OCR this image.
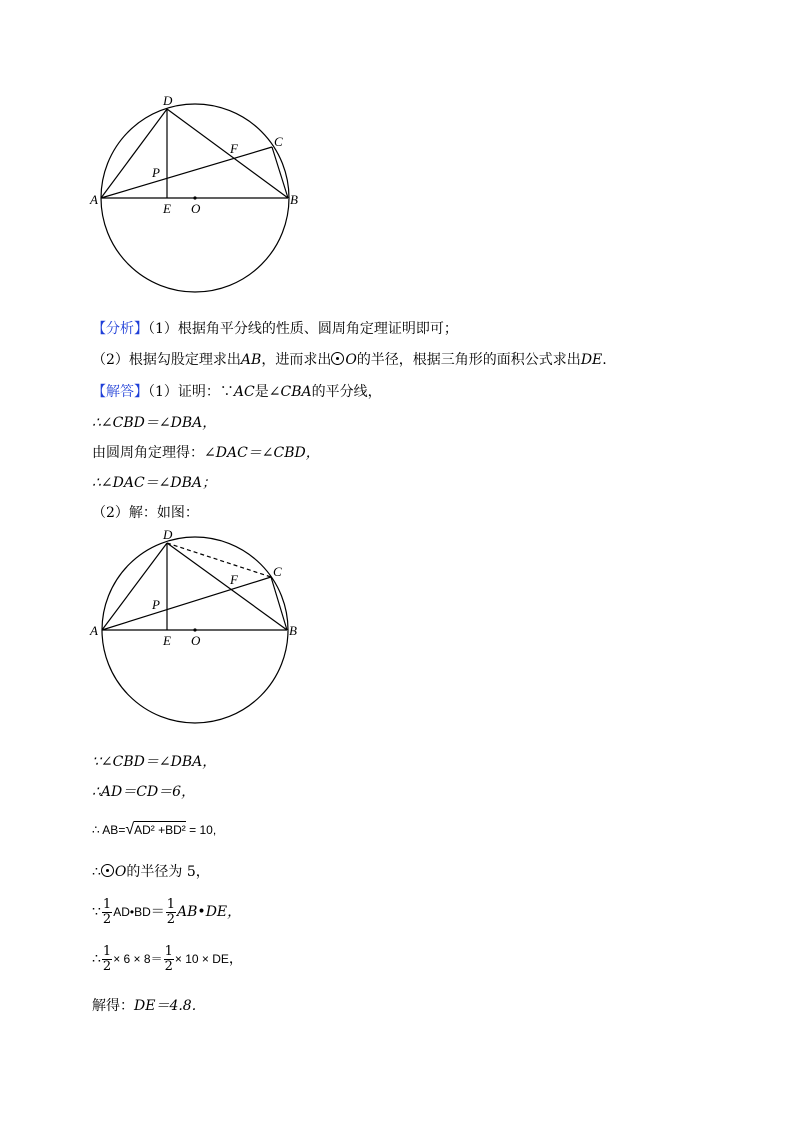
D
C
F
P
A
E O
B
【分析】（1）根据角平分线的性质、圆周角定理证明即可；
（2）根据勾股定理求出AB，进而求出 O的半径，根据三角形的面积公式求出DE.
【解答】（1）证明：∵AC是∠CBA的平分线，
∴∠CBD＝∠DBA，
由圆周角定理得：∠DAC＝∠CBD，
∴∠DAC＝∠DBA；
（2）解：如图：
D
C
F
P
A
E O
B
∵∠CBD＝∠DBA，
∴AD＝CD＝6，
∴ AB=√AD² +BD² = 10,
∴ O的半径为 5，
∵ $\frac{1}{2}$ AD•BD＝ $\frac{1}{2}$ AB•DE，
∴ $\frac{1}{2} \times 6 \times 8= \frac{1}{2} \times 10$ × DE，
解得：DE＝4.8.
